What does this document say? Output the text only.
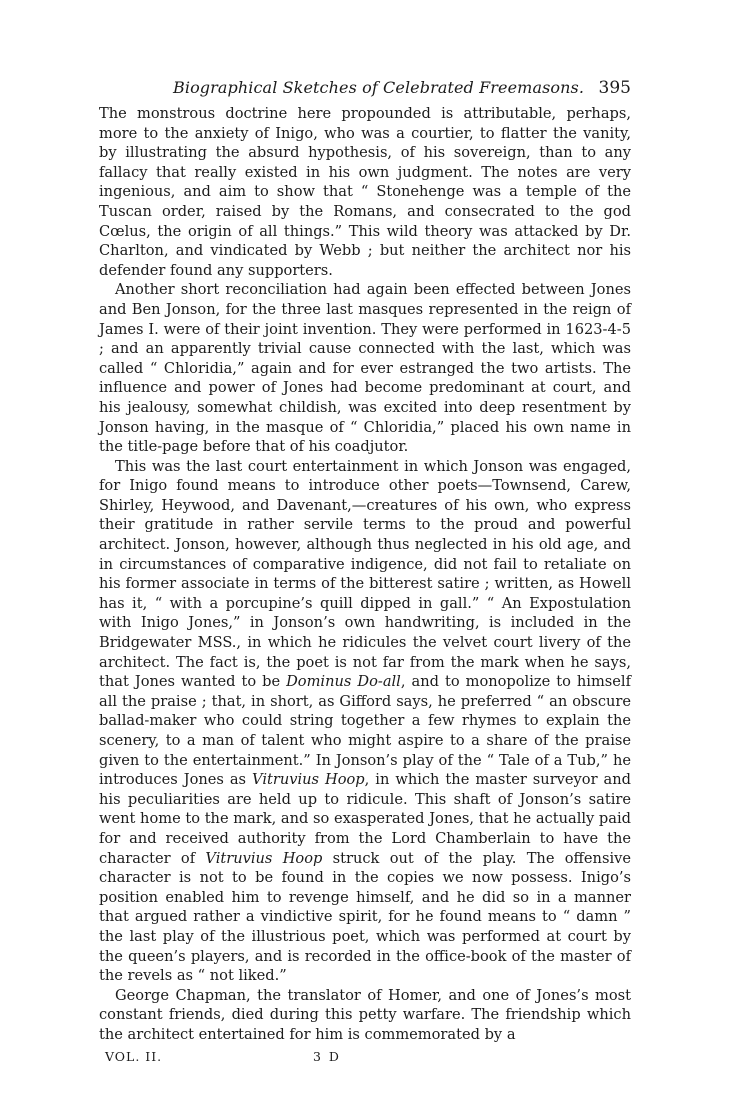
Biographical Sketches of Celebrated Freemasons. 395

The monstrous doctrine here propounded is attributable, perhaps, more to the anxiety of Inigo, who was a courtier, to flatter the vanity, by illustrating the absurd hypothesis, of his sovereign, than to any fallacy that really existed in his own judgment. The notes are very ingenious, and aim to show that “ Stonehenge was a temple of the Tuscan order, raised by the Romans, and consecrated to the god Cœlus, the origin of all things.” This wild theory was attacked by Dr. Charlton, and vindicated by Webb ; but neither the architect nor his defender found any supporters.

Another short reconciliation had again been effected between Jones and Ben Jonson, for the three last masques represented in the reign of James I. were of their joint invention. They were performed in 1623-4-5 ; and an apparently trivial cause connected with the last, which was called “ Chloridia,” again and for ever estranged the two artists. The influence and power of Jones had become predominant at court, and his jealousy, somewhat childish, was excited into deep resentment by Jonson having, in the masque of “ Chloridia,” placed his own name in the title-page before that of his coadjutor.

This was the last court entertainment in which Jonson was engaged, for Inigo found means to introduce other poets—Townsend, Carew, Shirley, Heywood, and Davenant,—creatures of his own, who express their gratitude in rather servile terms to the proud and powerful architect. Jonson, however, although thus neglected in his old age, and in circumstances of comparative indigence, did not fail to retaliate on his former associate in terms of the bitterest satire ; written, as Howell has it, “ with a porcupine’s quill dipped in gall.” “ An Expostulation with Inigo Jones,” in Jonson’s own handwriting, is included in the Bridgewater MSS., in which he ridicules the velvet court livery of the architect. The fact is, the poet is not far from the mark when he says, that Jones wanted to be Dominus Do-all, and to monopolize to himself all the praise ; that, in short, as Gifford says, he preferred “ an obscure ballad-maker who could string together a few rhymes to explain the scenery, to a man of talent who might aspire to a share of the praise given to the entertainment.” In Jonson’s play of the “ Tale of a Tub,” he introduces Jones as Vitruvius Hoop, in which the master surveyor and his peculiarities are held up to ridicule. This shaft of Jonson’s satire went home to the mark, and so exasperated Jones, that he actually paid for and received authority from the Lord Chamberlain to have the character of Vitruvius Hoop struck out of the play. The offensive character is not to be found in the copies we now possess. Inigo’s position enabled him to revenge himself, and he did so in a manner that argued rather a vindictive spirit, for he found means to “ damn ” the last play of the illustrious poet, which was performed at court by the queen’s players, and is recorded in the office-book of the master of the revels as “ not liked.”

George Chapman, the translator of Homer, and one of Jones’s most constant friends, died during this petty warfare. The friendship which the architect entertained for him is commemorated by a

VOL. II.	3 D
